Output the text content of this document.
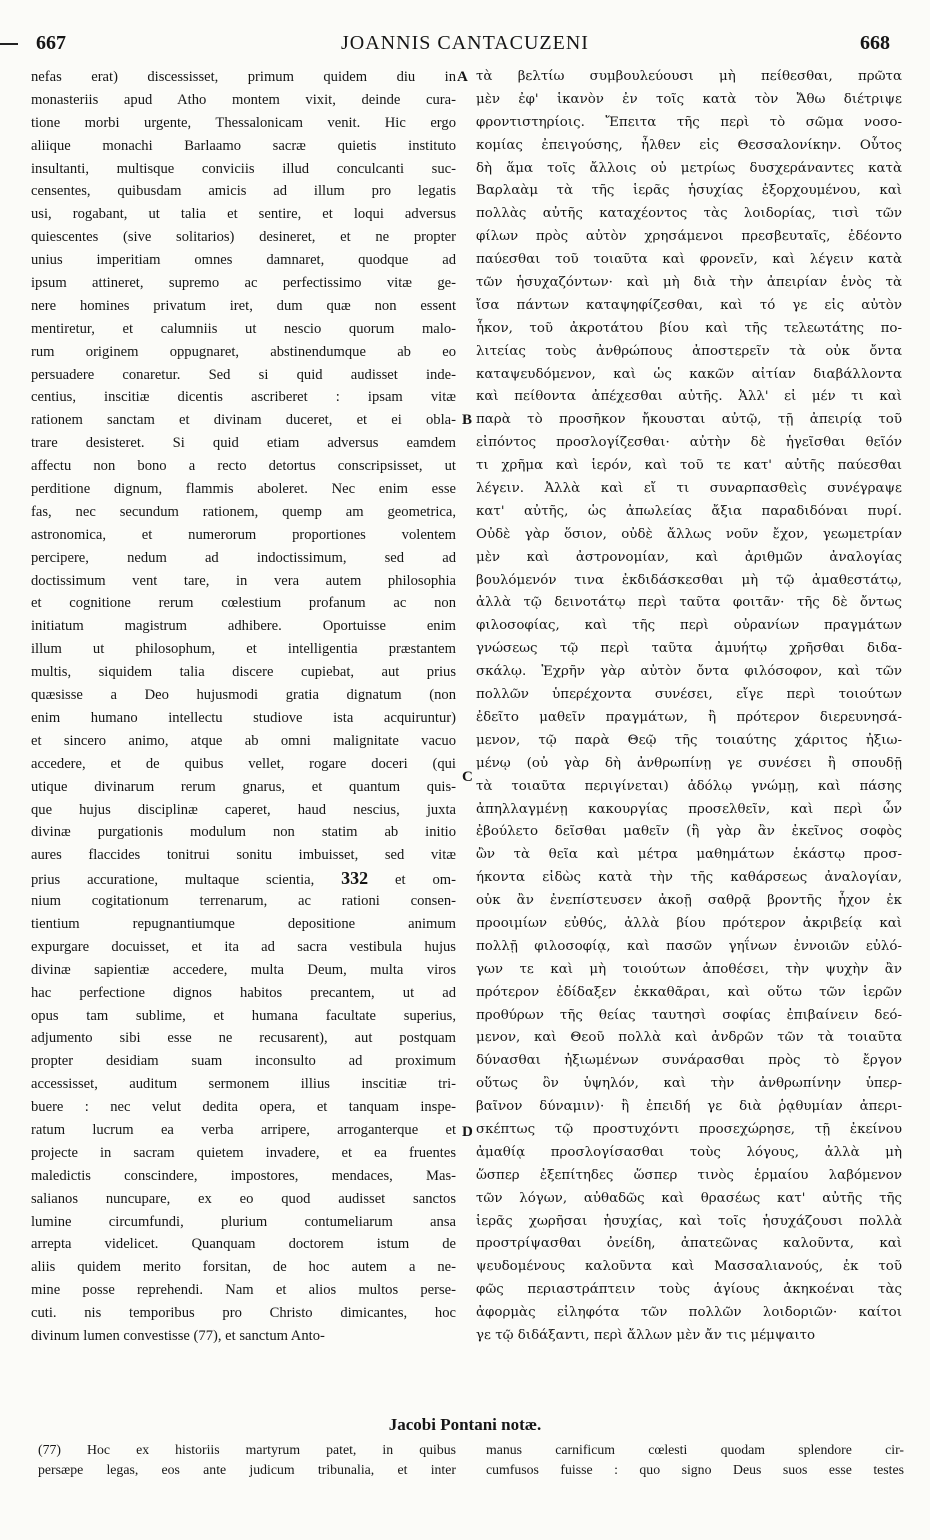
667	JOANNIS CANTACUZENI	668
nefas erat) discessisset, primum quidem diu in
monasteriis apud Atho montem vixit, deinde cura-
tione morbi urgente, Thessalonicam venit. Hic ergo
aliique monachi Barlaamo sacræ quietis instituto
insultanti, multisque conviciis illud conculcanti suc-
censentes, quibusdam amicis ad illum pro legatis
usi, rogabant, ut talia et sentire, et loqui adversus
quiescentes (sive solitarios) desineret, et ne propter
unius imperitiam omnes damnaret, quodque ad
ipsum attineret, supremo ac perfectissimo vitæ ge-
nere homines privatum iret, dum quæ non essent
mentiretur, et calumniis ut nescio quorum malo-
rum originem oppugnaret, abstinendumque ab eo
persuadere conaretur. Sed si quid audisset inde-
centius, inscitiæ dicentis ascriberet : ipsam vitæ
rationem sanctam et divinam duceret, et ei obla-
trare desisteret. Si quid etiam adversus eamdem
affectu non bono a recto detortus conscripsisset, ut
perditione dignum, flammis aboleret. Nec enim esse
fas, nec secundum rationem, quemp am geometrica,
astronomica, et numerorum proportiones volentem
percipere, nedum ad indoctissimum, sed ad
doctissimum vent tare, in vera autem philosophia
et cognitione rerum cœlestium profanum ac non
initiatum magistrum adhibere. Oportuisse enim
illum ut philosophum, et intelligentia præstantem
multis, siquidem talia discere cupiebat, aut prius
quæsisse a Deo hujusmodi gratia dignatum (non
enim humano intellectu studiove ista acquiruntur)
et sincero animo, atque ab omni malignitate vacuo
accedere, et de quibus vellet, rogare doceri (qui
utique divinarum rerum gnarus, et quantum quis-
que hujus disciplinæ caperet, haud nescius, juxta
divinæ purgationis modulum non statim ab initio
aures flaccides tonitrui sonitu imbuisset, sed vitæ
prius accuratione, multaque scientia, 332 et om-
nium cogitationum terrenarum, ac rationi consen-
tientium repugnantiumque depositione animum
expurgare docuisset, et ita ad sacra vestibula hujus
divinæ sapientiæ accedere, multa Deum, multa viros
hac perfectione dignos habitos precantem, ut ad
opus tam sublime, et humana facultate superius,
adjumento sibi esse ne recusarent), aut postquam
propter desidiam suam inconsulto ad proximum
accessisset, auditum sermonem illius inscitiæ tri-
buere : nec velut dedita opera, et tanquam inspe-
ratum lucrum ea verba arripere, arroganterque et
projecte in sacram quietem invadere, et ea fruentes
maledictis conscindere, impostores, mendaces, Mas-
salianos nuncupare, ex eo quod audisset sanctos
lumine circumfundi, plurium contumeliarum ansa
arrepta videlicet. Quanquam doctorem istum de
aliis quidem merito forsitan, de hoc autem a ne-
mine posse reprehendi. Nam et alios multos perse-
cuti. nis temporibus pro Christo dimicantes, hoc
divinum lumen convestisse (77), et sanctum Anto-
A
B
C
D
τὰ βελτίω συμβουλεύουσι μὴ πείθεσθαι, πρῶτα
μὲν ἐφ' ἱκανὸν ἐν τοῖς κατὰ τὸν Ἄθω διέτριψε
φροντιστηρίοις. Ἔπειτα τῆς περὶ τὸ σῶμα νοσο-
κομίας ἐπειγούσης, ἦλθεν εἰς Θεσσαλονίκην. Οὗτος
δὴ ἅμα τοῖς ἄλλοις οὐ μετρίως δυσχεράναντες κατὰ
Βαρλαὰμ τὰ τῆς ἱερᾶς ἡσυχίας ἐξορχουμένου, καὶ
πολλὰς αὐτῆς καταχέοντος τὰς λοιδορίας, τισὶ τῶν
φίλων πρὸς αὐτὸν χρησάμενοι πρεσβευταῖς, ἐδέοντο
παύεσθαι τοῦ τοιαῦτα καὶ φρονεῖν, καὶ λέγειν κατὰ
τῶν ἡσυχαζόντων· καὶ μὴ διὰ τὴν ἀπειρίαν ἑνὸς τὰ
ἴσα πάντων καταψηφίζεσθαι, καὶ τό γε εἰς αὐτὸν
ἧκον, τοῦ ἀκροτάτου βίου καὶ τῆς τελεωτάτης πο-
λιτείας τοὺς ἀνθρώπους ἀποστερεῖν τὰ οὐκ ὄντα
καταψευδόμενον, καὶ ὡς κακῶν αἰτίαν διαβάλλοντα
καὶ πείθοντα ἀπέχεσθαι αὐτῆς. Ἀλλ' εἰ μέν τι καὶ
παρὰ τὸ προσῆκον ἤκουσται αὐτῷ, τῇ ἀπειρίᾳ τοῦ
εἰπόντος προσλογίζεσθαι· αὐτὴν δὲ ἡγεῖσθαι θεῖόν
τι χρῆμα καὶ ἱερόν, καὶ τοῦ τε κατ' αὐτῆς παύεσθαι
λέγειν. Ἀλλὰ καὶ εἴ τι συναρπασθεὶς συνέγραψε
κατ' αὐτῆς, ὡς ἀπωλείας ἄξια παραδιδόναι πυρί.
Οὐδὲ γὰρ ὅσιον, οὐδὲ ἄλλως νοῦν ἔχον, γεωμετρίαν
μὲν καὶ ἀστρονομίαν, καὶ ἀριθμῶν ἀναλογίας
βουλόμενόν τινα ἐκδιδάσκεσθαι μὴ τῷ ἀμαθεστάτῳ,
ἀλλὰ τῷ δεινοτάτῳ περὶ ταῦτα φοιτᾶν· τῆς δὲ ὄντως
φιλοσοφίας, καὶ τῆς περὶ οὐρανίων πραγμάτων
γνώσεως τῷ περὶ ταῦτα ἀμυήτῳ χρῆσθαι διδα-
σκάλῳ. Ἐχρῆν γὰρ αὐτὸν ὄντα φιλόσοφον, καὶ τῶν
πολλῶν ὑπερέχοντα συνέσει, εἴγε περὶ τοιούτων
ἐδεῖτο μαθεῖν πραγμάτων, ἢ πρότερον διερευνησά-
μενον, τῷ παρὰ Θεῷ τῆς τοιαύτης χάριτος ἠξιω-
μένῳ (οὐ γὰρ δὴ ἀνθρωπίνῃ γε συνέσει ἢ σπουδῇ
τὰ τοιαῦτα περιγίνεται) ἀδόλῳ γνώμῃ, καὶ πάσης
ἀπηλλαγμένῃ κακουργίας προσελθεῖν, καὶ περὶ ὧν
ἐβούλετο δεῖσθαι μαθεῖν (ἢ γὰρ ἂν ἐκεῖνος σοφὸς
ὢν τὰ θεῖα καὶ μέτρα μαθημάτων ἑκάστῳ προσ-
ήκοντα εἰδὼς κατὰ τὴν τῆς καθάρσεως ἀναλογίαν,
οὐκ ἂν ἐνεπίστευσεν ἀκοῇ σαθρᾷ βροντῆς ἦχον ἐκ
προοιμίων εὐθύς, ἀλλὰ βίου πρότερον ἀκριβείᾳ καὶ
πολλῇ φιλοσοφίᾳ, καὶ πασῶν γηΐνων ἐννοιῶν εὐλό-
γων τε καὶ μὴ τοιούτων ἀποθέσει, τὴν ψυχὴν ἂν
πρότερον ἐδίδαξεν ἐκκαθᾶραι, καὶ οὕτω τῶν ἱερῶν
προθύρων τῆς θείας ταυτησὶ σοφίας ἐπιβαίνειν δεό-
μενον, καὶ Θεοῦ πολλὰ καὶ ἀνδρῶν τῶν τὰ τοιαῦτα
δύνασθαι ἠξιωμένων συνάρασθαι πρὸς τὸ ἔργον
οὕτως ὂν ὑψηλόν, καὶ τὴν ἀνθρωπίνην ὑπερ-
βαῖνον δύναμιν)· ἢ ἐπειδή γε διὰ ῥᾳθυμίαν ἀπερι-
σκέπτως τῷ προστυχόντι προσεχώρησε, τῇ ἐκείνου
ἀμαθίᾳ προσλογίσασθαι τοὺς λόγους, ἀλλὰ μὴ
ὥσπερ ἐξεπίτηδες ὥσπερ τινὸς ἑρμαίου λαβόμενον
τῶν λόγων, αὐθαδῶς καὶ θρασέως κατ' αὐτῆς τῆς
ἱερᾶς χωρῆσαι ἡσυχίας, καὶ τοῖς ἡσυχάζουσι πολλὰ
προστρίψασθαι ὀνείδη, ἀπατεῶνας καλοῦντα, καὶ
ψευδομένους καλοῦντα καὶ Μασσαλιανούς, ἐκ τοῦ
φῶς περιαστράπτειν τοὺς ἁγίους ἀκηκοέναι τὰς
ἀφορμὰς εἰληφότα τῶν πολλῶν λοιδοριῶν· καίτοι
γε τῷ διδάξαντι, περὶ ἄλλων μὲν ἄν τις μέμψαιτο
Jacobi Pontani notæ.
(77) Hoc ex historiis martyrum patet, in quibus
persæpe legas, eos ante judicum tribunalia, et inter
manus carnificum cœlesti quodam splendore cir-
cumfusos fuisse : quo signo Deus suos esse testes
